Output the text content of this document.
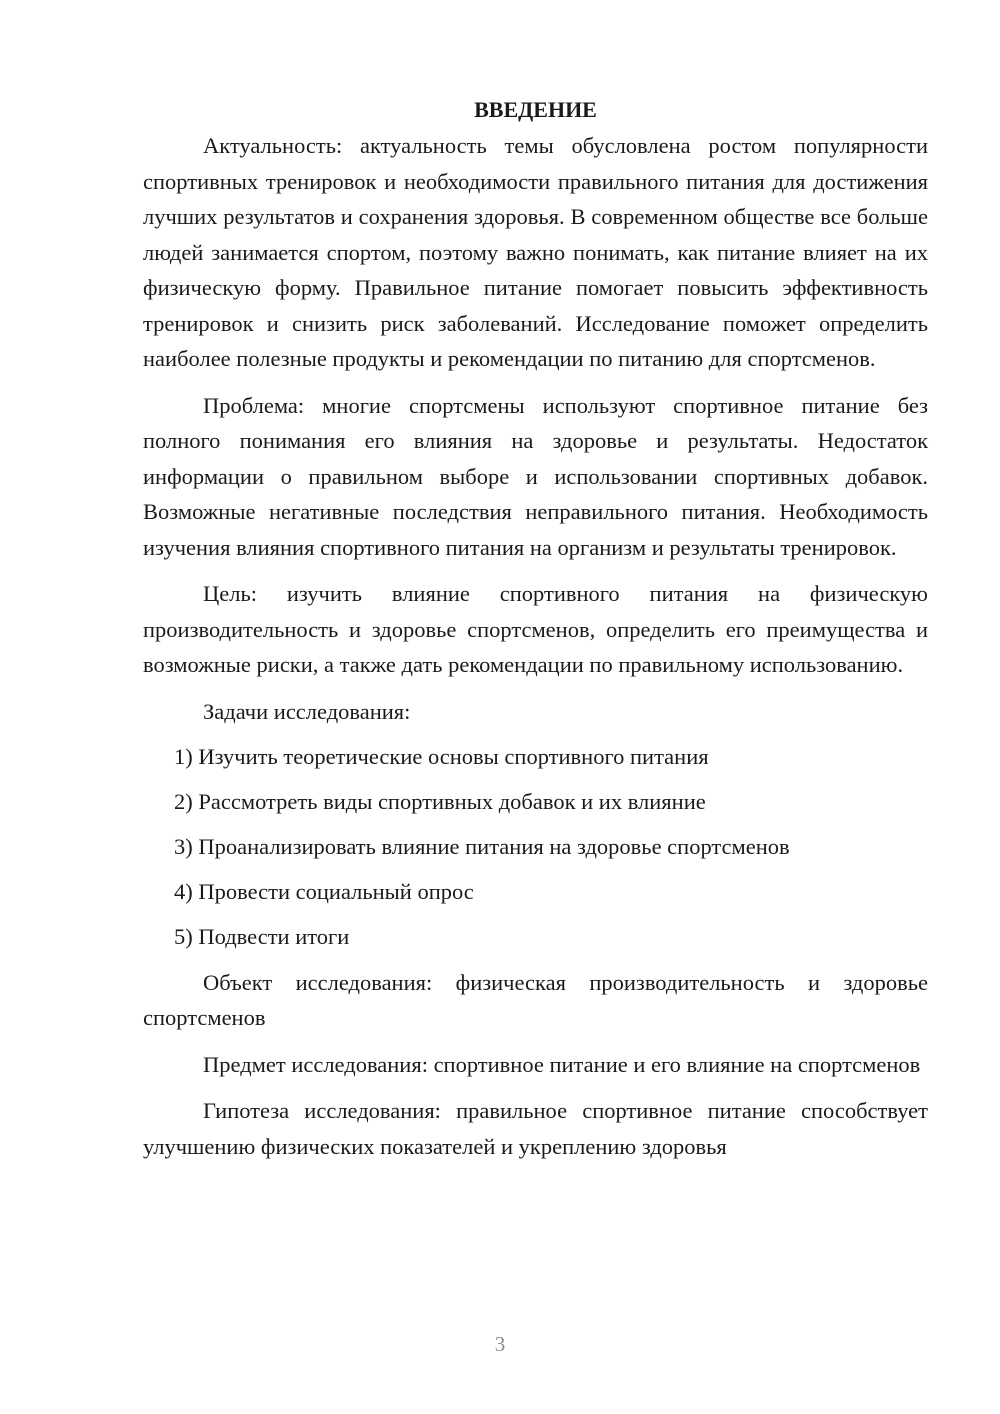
ВВЕДЕНИЕ

Актуальность: актуальность темы обусловлена ростом популярности спортивных тренировок и необходимости правильного питания для достижения лучших результатов и сохранения здоровья. В современном обществе все больше людей занимается спортом, поэтому важно понимать, как питание влияет на их физическую форму. Правильное питание помогает повысить эффективность тренировок и снизить риск заболеваний. Исследование поможет определить наиболее полезные продукты и рекомендации по питанию для спортсменов.

Проблема: многие спортсмены используют спортивное питание без полного понимания его влияния на здоровье и результаты. Недостаток информации о правильном выборе и использовании спортивных добавок. Возможные негативные последствия неправильного питания. Необходимость изучения влияния спортивного питания на организм и результаты тренировок.

Цель: изучить влияние спортивного питания на физическую производительность и здоровье спортсменов, определить его преимущества и возможные риски, а также дать рекомендации по правильному использованию.

Задачи исследования:

1) Изучить теоретические основы спортивного питания
2) Рассмотреть виды спортивных добавок и их влияние
3) Проанализировать влияние питания на здоровье спортсменов
4) Провести социальный опрос
5) Подвести итоги

Объект исследования: физическая производительность и здоровье спортсменов

Предмет исследования: спортивное питание и его влияние на спортсменов

Гипотеза исследования: правильное спортивное питание способствует улучшению физических показателей и укреплению здоровья

3
